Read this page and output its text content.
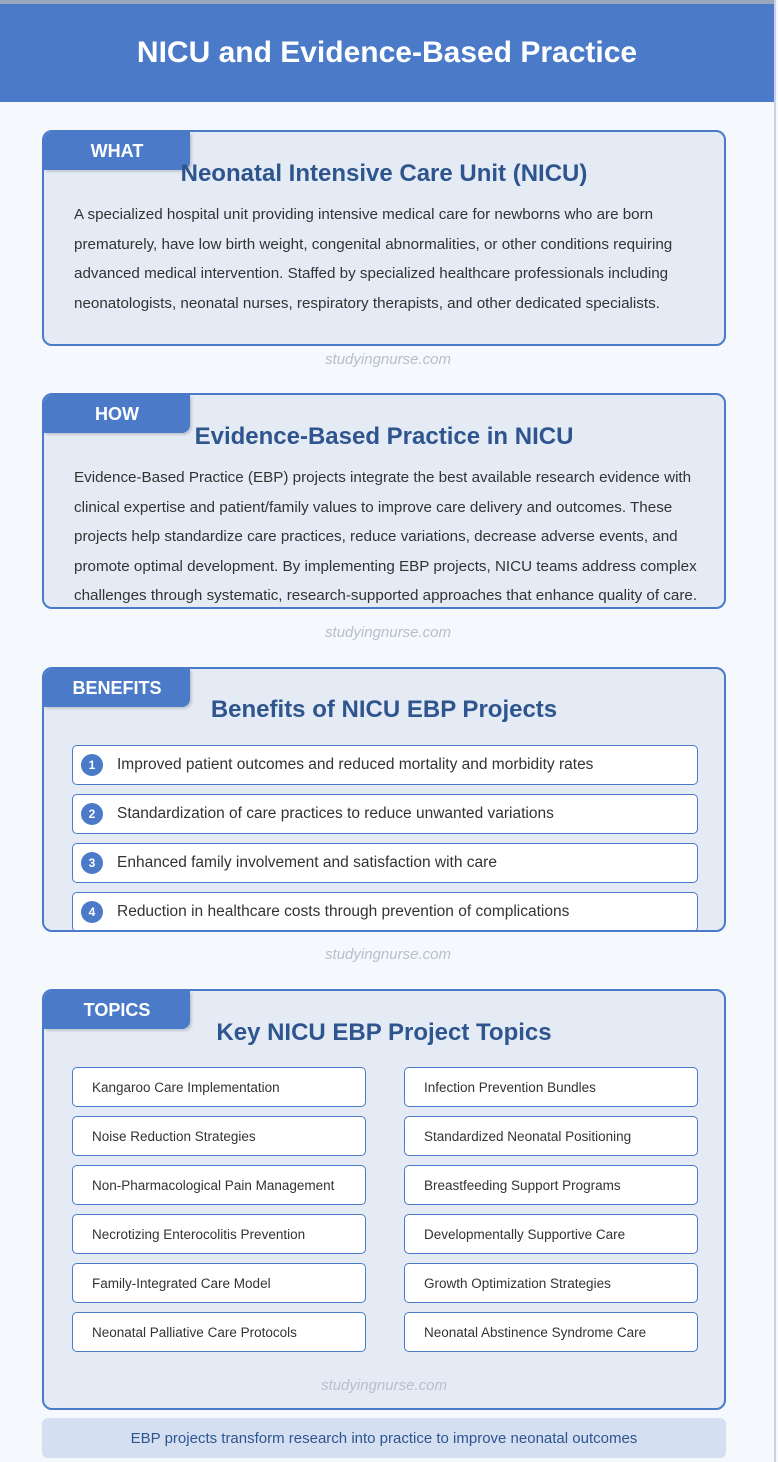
NICU and Evidence-Based Practice
WHAT
Neonatal Intensive Care Unit (NICU)

A specialized hospital unit providing intensive medical care for newborns who are born prematurely, have low birth weight, congenital abnormalities, or other conditions requiring advanced medical intervention. Staffed by specialized healthcare professionals including neonatologists, neonatal nurses, respiratory therapists, and other dedicated specialists.

studyingnurse.com
HOW
Evidence-Based Practice in NICU

Evidence-Based Practice (EBP) projects integrate the best available research evidence with clinical expertise and patient/family values to improve care delivery and outcomes. These projects help standardize care practices, reduce variations, decrease adverse events, and promote optimal development. By implementing EBP projects, NICU teams address complex challenges through systematic, research-supported approaches that enhance quality of care.

studyingnurse.com
BENEFITS
Benefits of NICU EBP Projects
1	Improved patient outcomes and reduced mortality and morbidity rates
2	Standardization of care practices to reduce unwanted variations
3	Enhanced family involvement and satisfaction with care
4	Reduction in healthcare costs through prevention of complications
studyingnurse.com
TOPICS
Key NICU EBP Project Topics
Kangaroo Care Implementation	Infection Prevention Bundles
Noise Reduction Strategies	Standardized Neonatal Positioning
Non-Pharmacological Pain Management	Breastfeeding Support Programs
Necrotizing Enterocolitis Prevention	Developmentally Supportive Care
Family-Integrated Care Model	Growth Optimization Strategies
Neonatal Palliative Care Protocols	Neonatal Abstinence Syndrome Care
studyingnurse.com
EBP projects transform research into practice to improve neonatal outcomes
